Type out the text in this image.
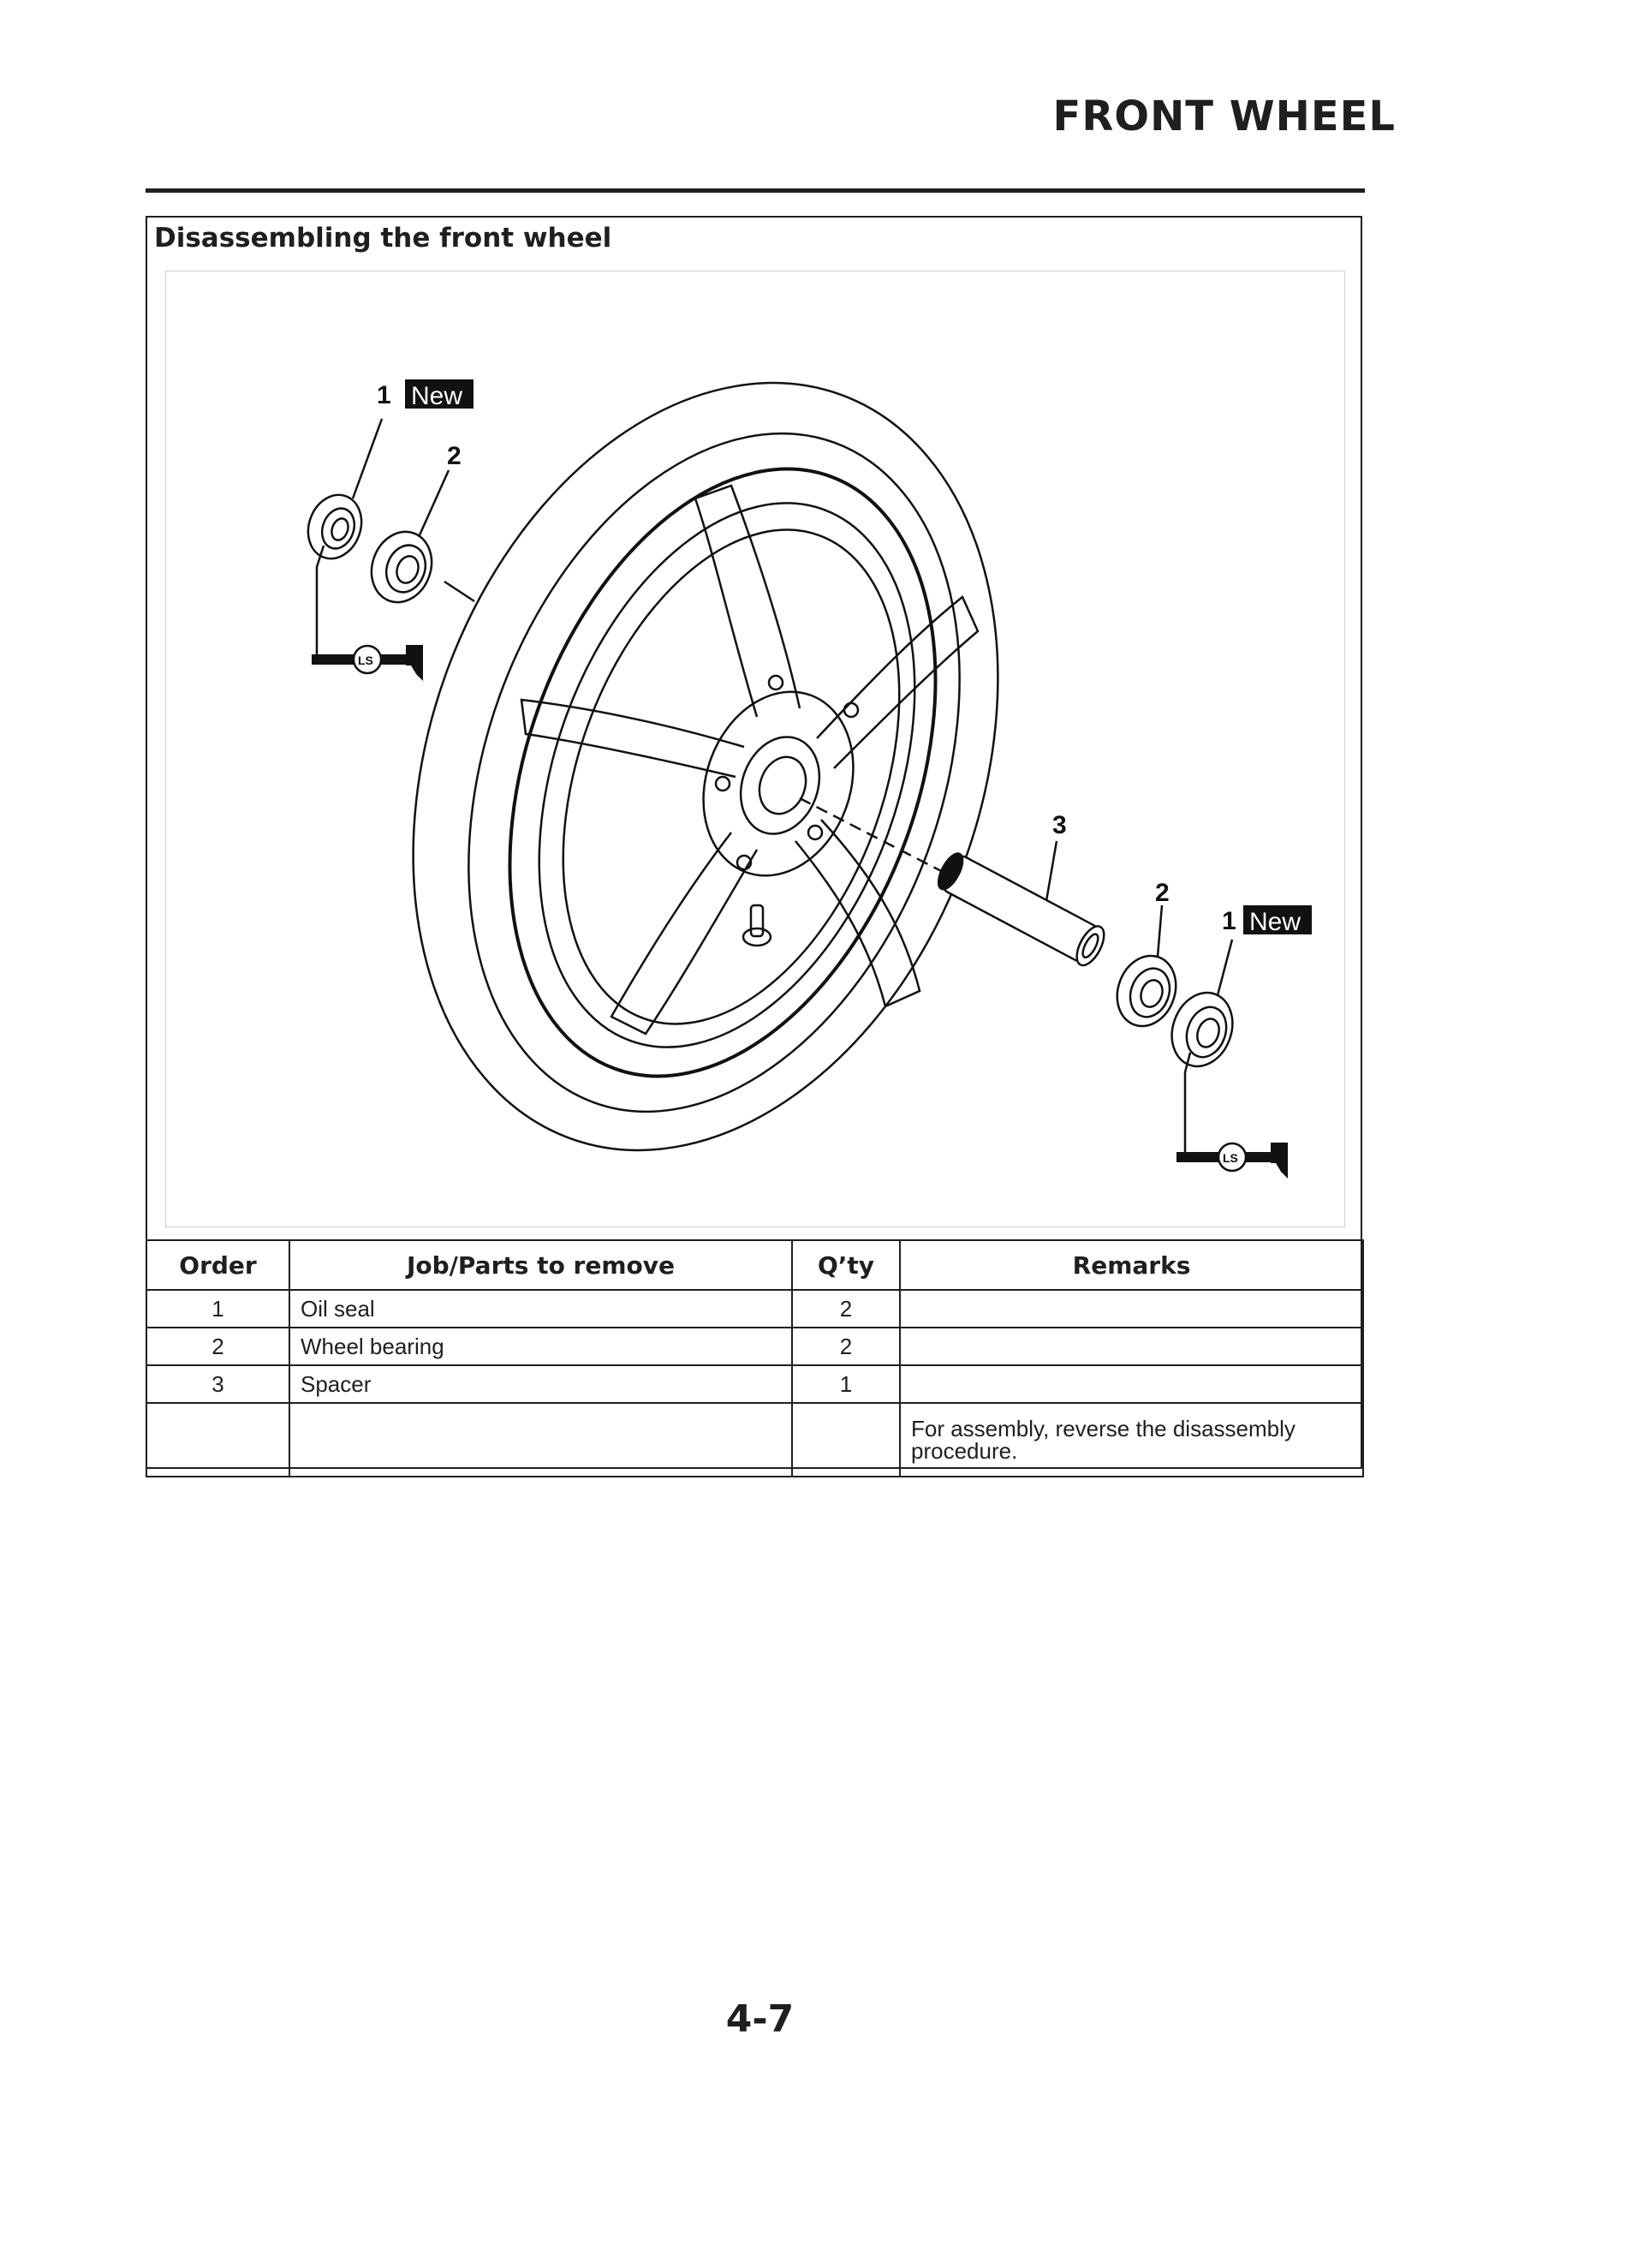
FRONT WHEEL
Disassembling the front wheel
LS
LS
1 New
2
3
2
1 New
Order	Job/Parts to remove	Q’ty	Remarks
1	Oil seal	2	
2	Wheel bearing	2	
3	Spacer	1	
			For assembly, reverse the disassembly procedure.
4-7
